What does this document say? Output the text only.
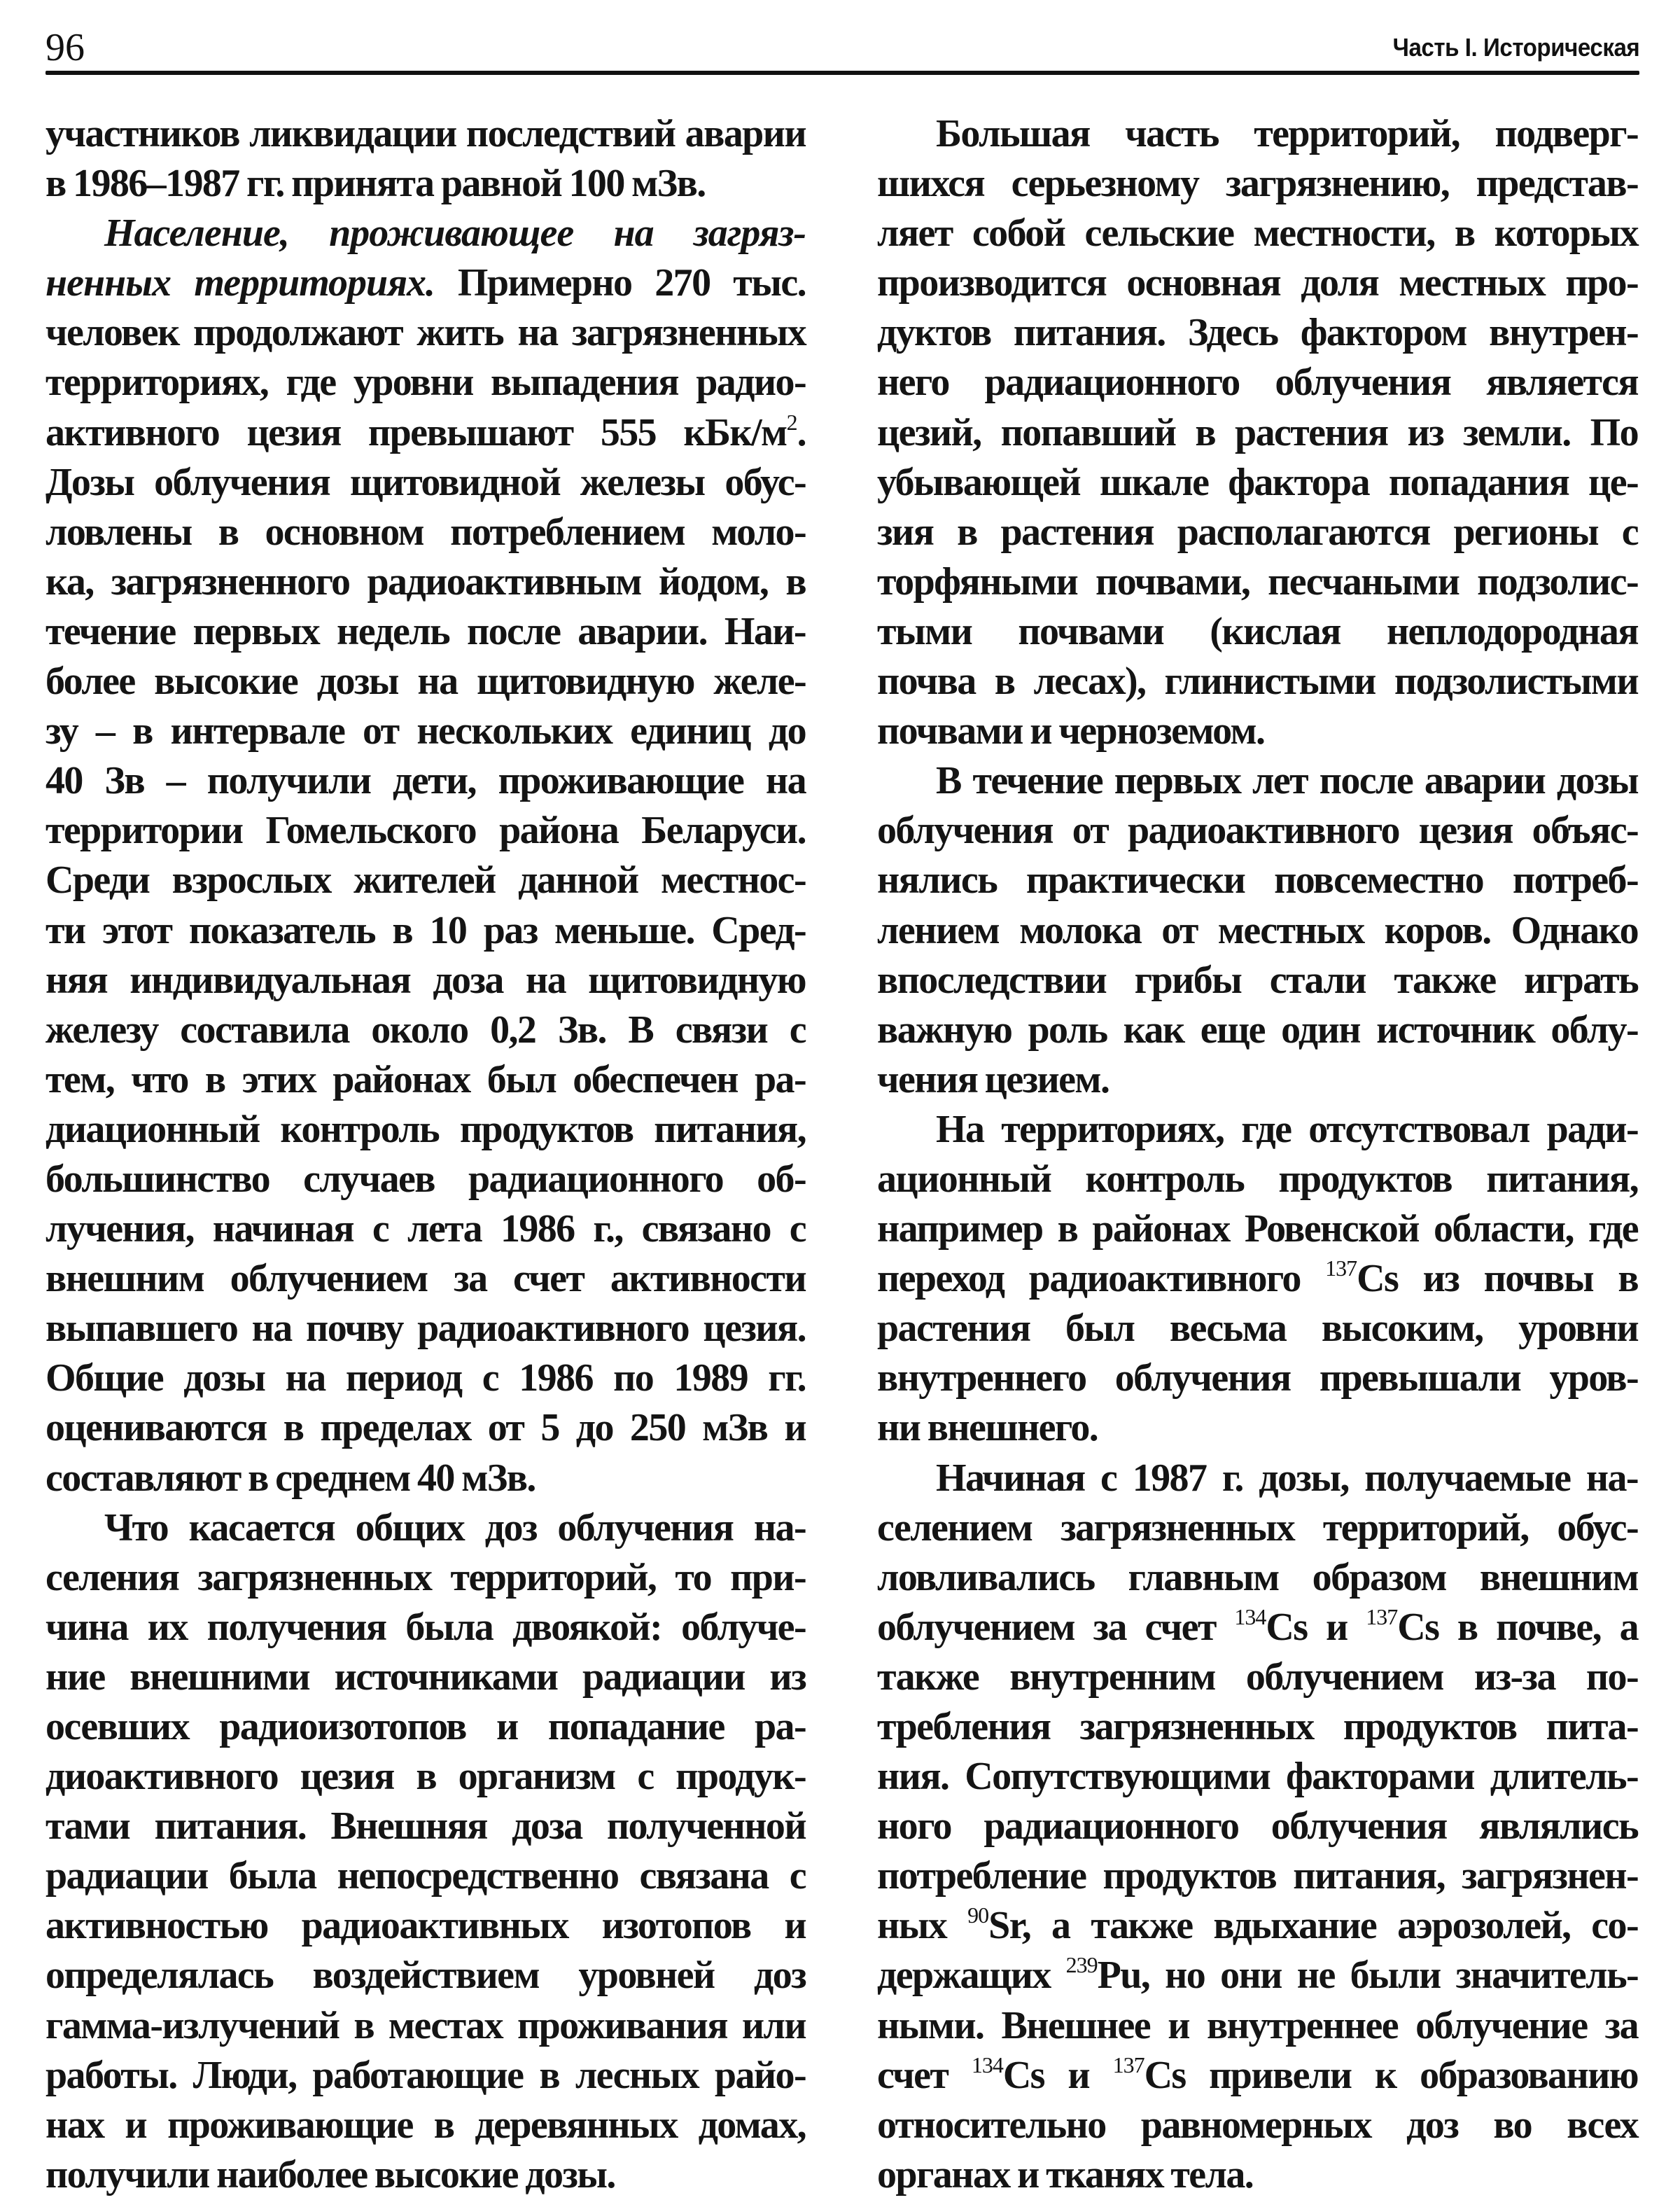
96	Часть I. Историческая
участников ликвидации последствий аварии
в 1986–1987 гг. принята равной 100 мЗв.
Население, проживающее на загряз-
ненных территориях. Примерно 270 тыс.
человек продолжают жить на загрязненных
территориях, где уровни выпадения радио-
активного цезия превышают 555 кБк/$м^2$.
Дозы облучения щитовидной железы обус-
ловлены в основном потреблением моло-
ка, загрязненного радиоактивным йодом, в
течение первых недель после аварии. Наи-
более высокие дозы на щитовидную желе-
зу – в интервале от нескольких единиц до
40 Зв – получили дети, проживающие на
территории Гомельского района Беларуси.
Среди взрослых жителей данной местнос-
ти этот показатель в 10 раз меньше. Сред-
няя индивидуальная доза на щитовидную
железу составила около 0,2 Зв. В связи с
тем, что в этих районах был обеспечен ра-
диационный контроль продуктов питания,
большинство случаев радиационного об-
лучения, начиная с лета 1986 г., связано с
внешним облучением за счет активности
выпавшего на почву радиоактивного цезия.
Общие дозы на период с 1986 по 1989 гг.
оцениваются в пределах от 5 до 250 мЗв и
составляют в среднем 40 мЗв.
Что касается общих доз облучения на-
селения загрязненных территорий, то при-
чина их получения была двоякой: облуче-
ние внешними источниками радиации из
осевших радиоизотопов и попадание ра-
диоактивного цезия в организм с продук-
тами питания. Внешняя доза полученной
радиации была непосредственно связана с
активностью радиоактивных изотопов и
определялась воздействием уровней доз
гамма-излучений в местах проживания или
работы. Люди, работающие в лесных райо-
нах и проживающие в деревянных домах,
получили наиболее высокие дозы.
Большая часть территорий, подверг-
шихся серьезному загрязнению, представ-
ляет собой сельские местности, в которых
производится основная доля местных про-
дуктов питания. Здесь фактором внутрен-
него радиационного облучения является
цезий, попавший в растения из земли. По
убывающей шкале фактора попадания це-
зия в растения располагаются регионы с
торфяными почвами, песчаными подзолис-
тыми почвами (кислая неплодородная
почва в лесах), глинистыми подзолистыми
почвами и черноземом.
В течение первых лет после аварии дозы
облучения от радиоактивного цезия объяс-
нялись практически повсеместно потреб-
лением молока от местных коров. Однако
впоследствии грибы стали также играть
важную роль как еще один источник облу-
чения цезием.
На территориях, где отсутствовал ради-
ационный контроль продуктов питания,
например в районах Ровенской области, где
переход радиоактивного $^{137}$Cs из почвы в
растения был весьма высоким, уровни
внутреннего облучения превышали уров-
ни внешнего.
Начиная с 1987 г. дозы, получаемые на-
селением загрязненных территорий, обус-
ловливались главным образом внешним
облучением за счет $^{134}$Cs и $^{137}$Cs в почве, а
также внутренним облучением из-за по-
требления загрязненных продуктов пита-
ния. Сопутствующими факторами длитель-
ного радиационного облучения являлись
потребление продуктов питания, загрязнен-
ных $^{90}$Sr, а также вдыхание аэрозолей, со-
держащих $^{239}$Pu, но они не были значитель-
ными. Внешнее и внутреннее облучение за
счет $^{134}$Cs и $^{137}$Cs привели к образованию
относительно равномерных доз во всех
органах и тканях тела.
